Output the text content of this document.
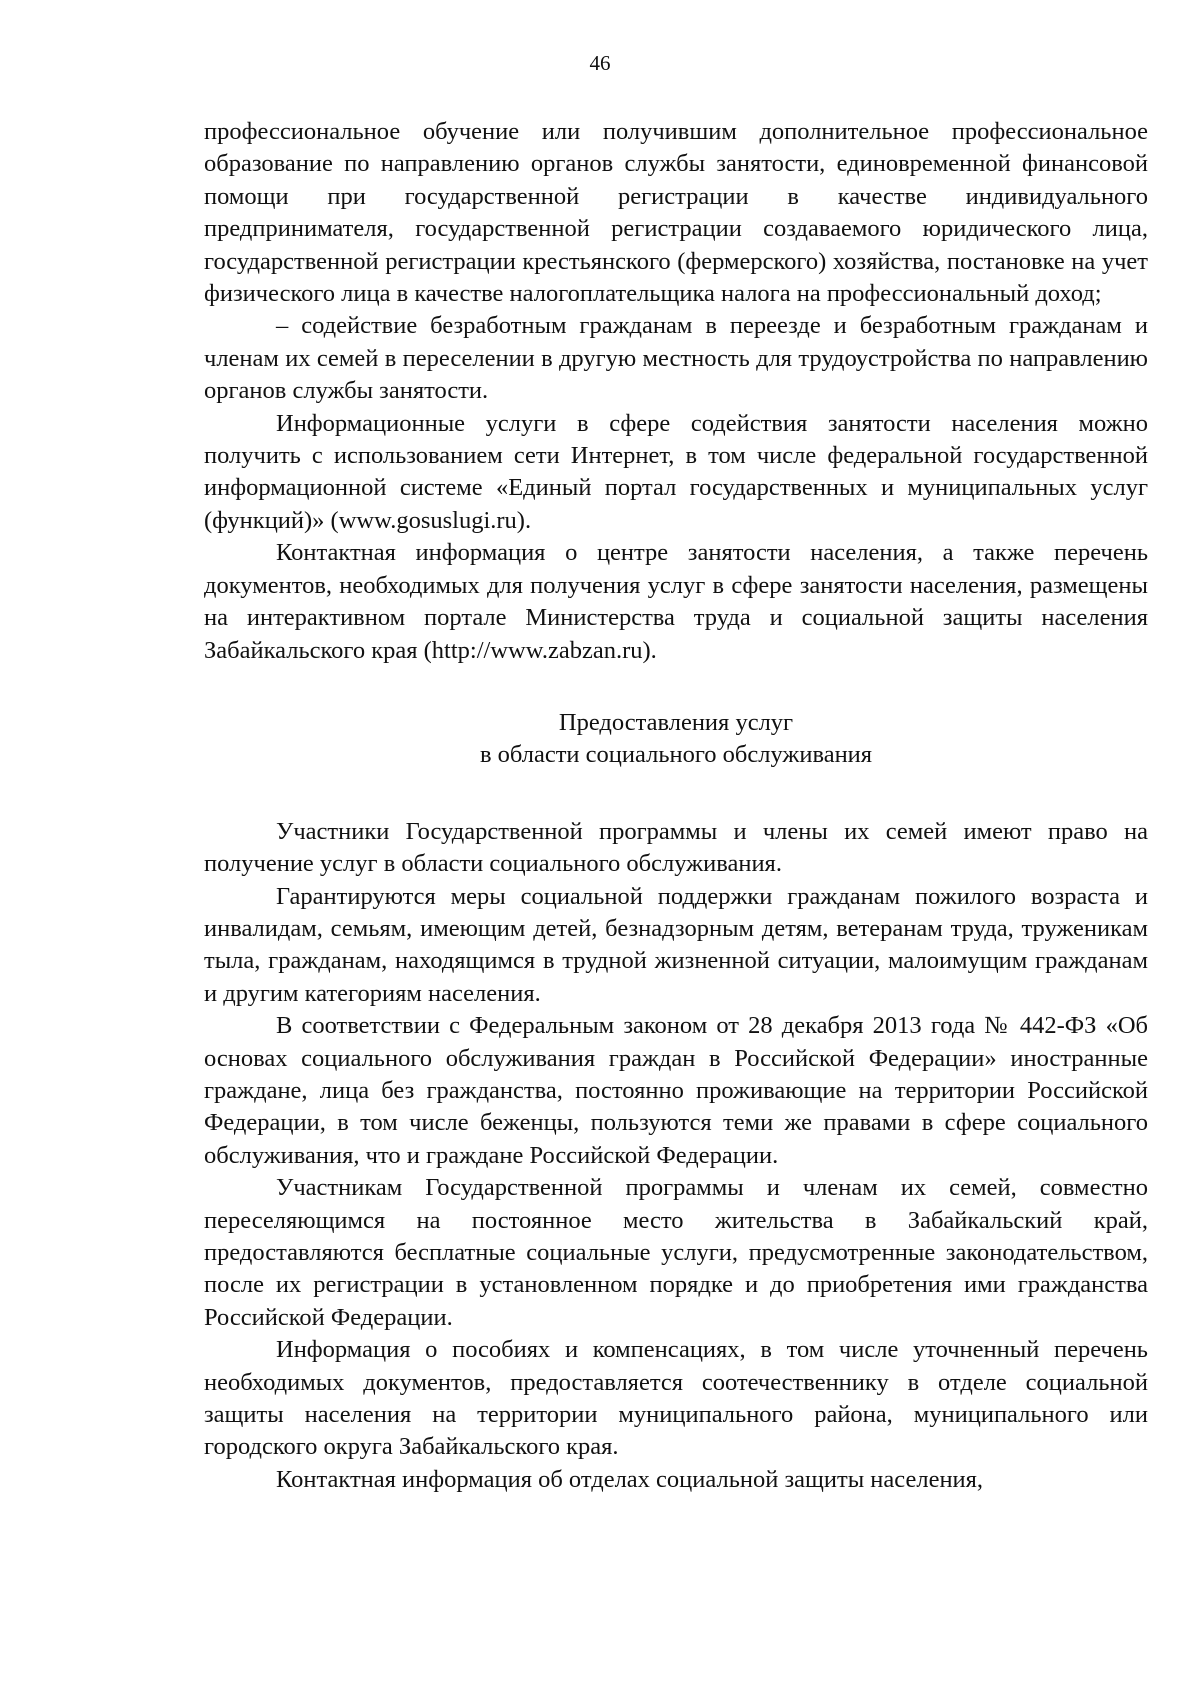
46

профессиональное обучение или получившим дополнительное профессиональное образование по направлению органов службы занятости, единовременной финансовой помощи при государственной регистрации в качестве индивидуального предпринимателя, государственной регистрации создаваемого юридического лица, государственной регистрации крестьянского (фермерского) хозяйства, постановке на учет физического лица в качестве налогоплательщика налога на профессиональный доход;

– содействие безработным гражданам в переезде и безработным гражданам и членам их семей в переселении в другую местность для трудоустройства по направлению органов службы занятости.

Информационные услуги в сфере содействия занятости населения можно получить с использованием сети Интернет, в том числе федеральной государственной информационной системе «Единый портал государственных и муниципальных услуг (функций)» (www.gosuslugi.ru).

Контактная информация о центре занятости населения, а также перечень документов, необходимых для получения услуг в сфере занятости населения, размещены на интерактивном портале Министерства труда и социальной защиты населения Забайкальского края (http://www.zabzan.ru).

Предоставления услуг
в области социального обслуживания

Участники Государственной программы и члены их семей имеют право на получение услуг в области социального обслуживания.

Гарантируются меры социальной поддержки гражданам пожилого возраста и инвалидам, семьям, имеющим детей, безнадзорным детям, ветеранам труда, труженикам тыла, гражданам, находящимся в трудной жизненной ситуации, малоимущим гражданам и другим категориям населения.

В соответствии с Федеральным законом от 28 декабря 2013 года № 442-ФЗ «Об основах социального обслуживания граждан в Российской Федерации» иностранные граждане, лица без гражданства, постоянно проживающие на территории Российской Федерации, в том числе беженцы, пользуются теми же правами в сфере социального обслуживания, что и граждане Российской Федерации.

Участникам Государственной программы и членам их семей, совместно переселяющимся на постоянное место жительства в Забайкальский край, предоставляются бесплатные социальные услуги, предусмотренные законодательством, после их регистрации в установленном порядке и до приобретения ими гражданства Российской Федерации.

Информация о пособиях и компенсациях, в том числе уточненный перечень необходимых документов, предоставляется соотечественнику в отделе социальной защиты населения на территории муниципального района, муниципального или городского округа Забайкальского края.

Контактная информация об отделах социальной защиты населения,
